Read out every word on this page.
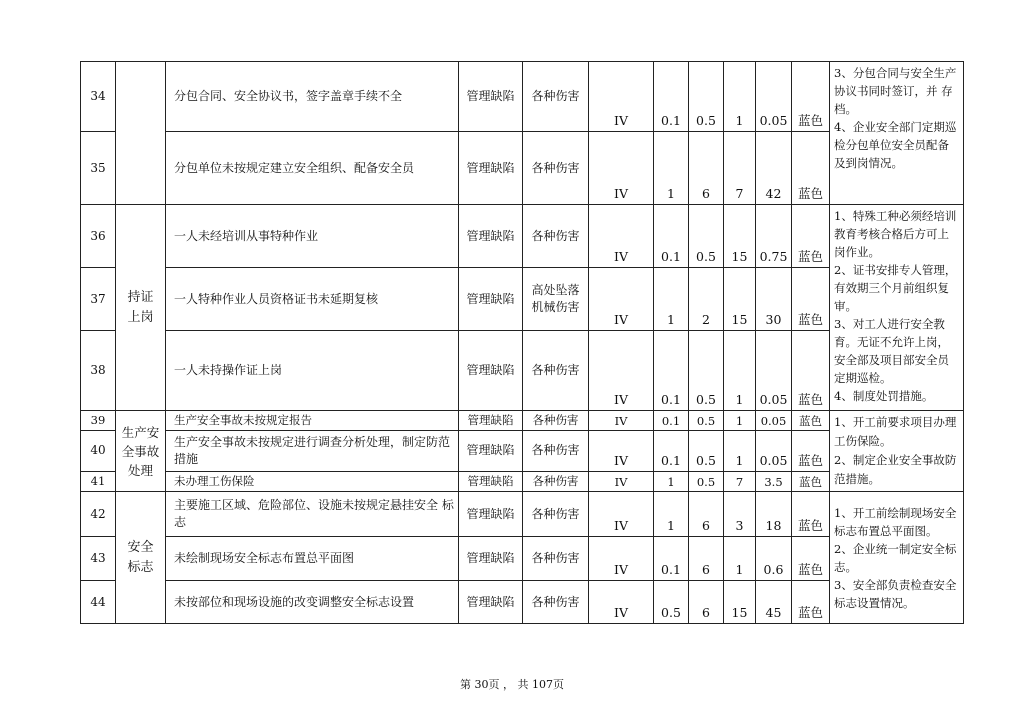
34		分包合同、安全协议书，签字盖章手续不全	管理缺陷	各种伤害	IV	0.1	0.5	1	0.05	蓝色	3、分包合同与安全生产协议书同时签订，并 存档。
4、企业安全部门定期巡检分包单位安全员配备及到岗情况。
35		分包单位未按规定建立安全组织、配备安全员	管理缺陷	各种伤害	IV	1	6	7	42	蓝色	
36	持证上岗	一人未经培训从事特种作业	管理缺陷	各种伤害	IV	0.1	0.5	15	0.75	蓝色	1、特殊工种必须经培训教育考核合格后方可上岗作业。
2、证书安排专人管理，　有效期三个月前组织复审。
3、对工人进行安全教育。无证不允许上岗，安全部及项目部安全员定期巡检。
4、制度处罚措施。
37		一人特种作业人员资格证书未延期复核	管理缺陷	高处坠落机械伤害	IV	1	2	15	30	蓝色	
38		一人未持操作证上岗	管理缺陷	各种伤害	IV	0.1	0.5	1	0.05	蓝色	
39	生产安全事故处理	生产安全事故未按规定报告	管理缺陷	各种伤害	IV	0.1	0.5	1	0.05	蓝色	1、开工前要求项目办理工伤保险。
2、制定企业安全事故防范措施。
40		生产安全事故未按规定进行调查分析处理，制定防范措施	管理缺陷	各种伤害	IV	0.1	0.5	1	0.05	蓝色	
41		未办理工伤保险	管理缺陷	各种伤害	IV	1	0.5	7	3.5	蓝色	
42	安全标志	主要施工区域、危险部位、设施未按规定悬挂安全 标志	管理缺陷	各种伤害	IV	1	6	3	18	蓝色	1、开工前绘制现场安全标志布置总平面图。
2、企业统一制定安全标志。
3、安全部负责检查安全标志设置情况。
43		未绘制现场安全标志布置总平面图	管理缺陷	各种伤害	IV	0.1	6	1	0.6	蓝色	
44		未按部位和现场设施的改变调整安全标志设置	管理缺陷	各种伤害	IV	0.5	6	15	45	蓝色	
第 30页 ， 共 107页
